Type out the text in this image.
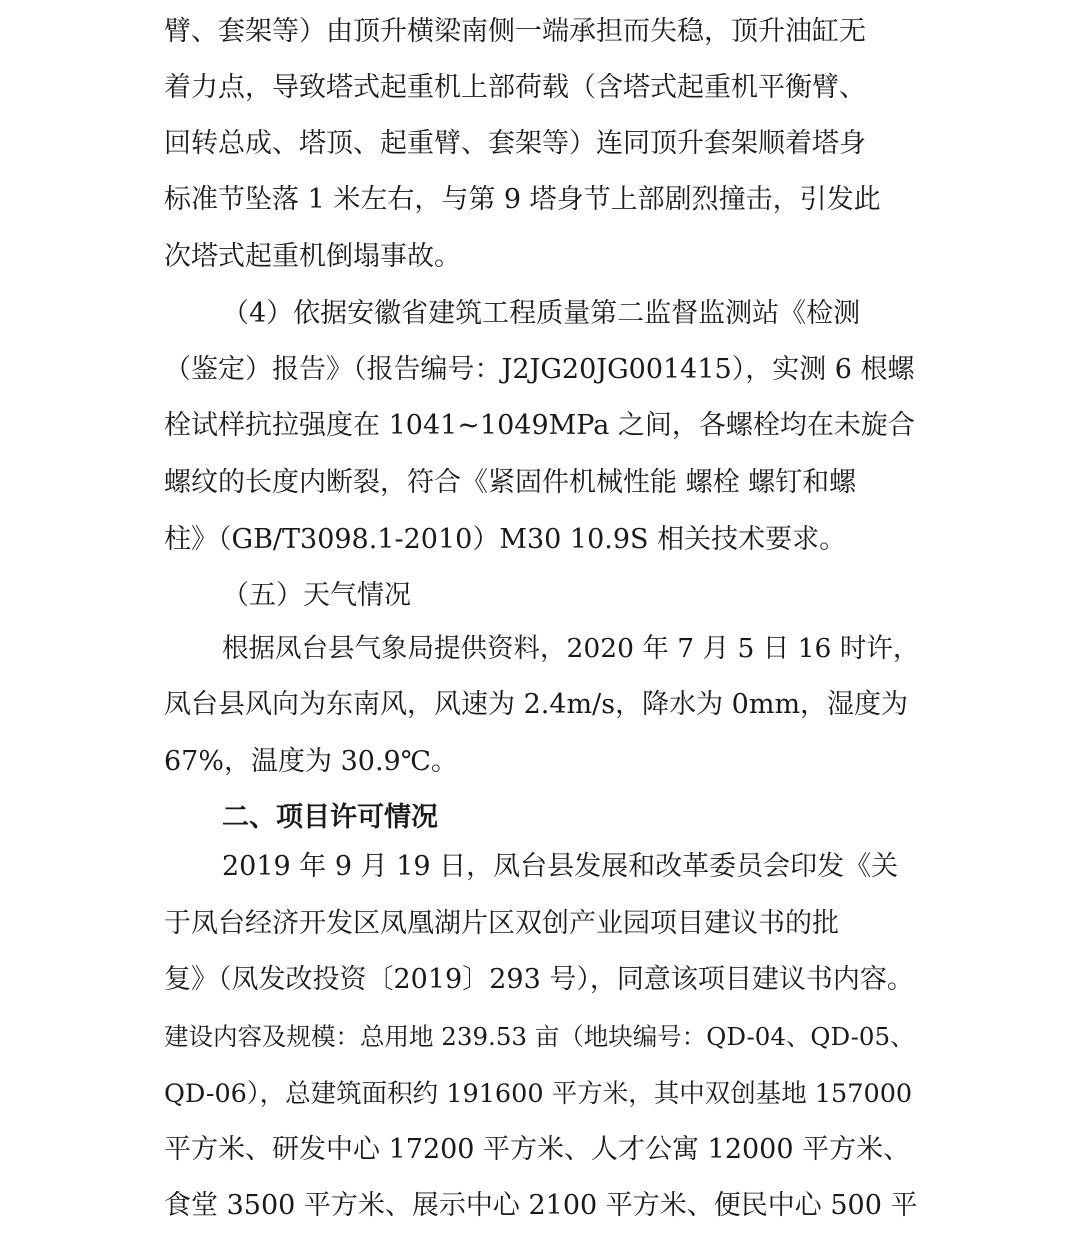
臂、套架等）由顶升横梁南侧一端承担而失稳，顶升油缸无
着力点，导致塔式起重机上部荷载（含塔式起重机平衡臂、
回转总成、塔顶、起重臂、套架等）连同顶升套架顺着塔身
标准节坠落 1 米左右，与第 9 塔身节上部剧烈撞击，引发此
次塔式起重机倒塌事故。
（4）依据安徽省建筑工程质量第二监督监测站《检测
（鉴定）报告》（报告编号：J2JG20JG001415），实测 6 根螺
栓试样抗拉强度在 1041~1049MPa 之间，各螺栓均在未旋合
螺纹的长度内断裂，符合《紧固件机械性能 螺栓 螺钉和螺
柱》（GB/T3098.1-2010）M30 10.9S 相关技术要求。
（五）天气情况
根据凤台县气象局提供资料，2020 年 7 月 5 日 16 时许，
凤台县风向为东南风，风速为 2.4m/s，降水为 0mm，湿度为
67%，温度为 30.9℃。
二、项目许可情况
2019 年 9 月 19 日，凤台县发展和改革委员会印发《关
于凤台经济开发区凤凰湖片区双创产业园项目建议书的批
复》（凤发改投资〔2019〕293 号），同意该项目建议书内容。
建设内容及规模：总用地 239.53 亩（地块编号：QD-04、QD-05、
QD-06），总建筑面积约 191600 平方米，其中双创基地 157000
平方米、研发中心 17200 平方米、人才公寓 12000 平方米、
食堂 3500 平方米、展示中心 2100 平方米、便民中心 500 平
